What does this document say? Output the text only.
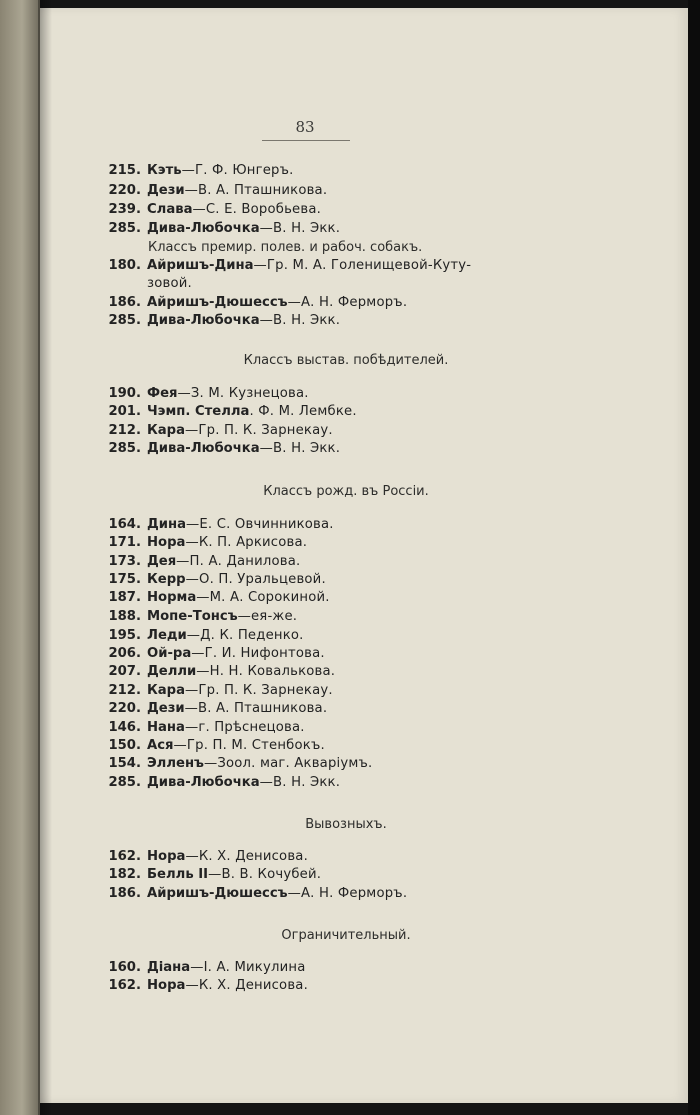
83
215. Кэть—Г. Ф. Юнгеръ.
220. Дези—В. А. Пташникова.
239. Слава—С. Е. Воробьева.
285. Дива-Любочка—В. Н. Экк.
Классъ премир. полев. и рабоч. собакъ.
180. Айришъ-Дина—Гр. М. А. Голенищевой-Куту-
зовой.
186. Айришъ-Дюшессъ—А. Н. Ферморъ.
285. Дива-Любочка—В. Н. Экк.
Классъ выстав. побѣдителей.
190. Фея—З. М. Кузнецова.
201. Чэмп. Стелла. Ф. М. Лембке.
212. Кара—Гр. П. К. Зарнекау.
285. Дива-Любочка—В. Н. Экк.
Классъ рожд. въ Россiи.
164. Дина—Е. С. Овчинникова.
171. Нора—К. П. Аркисова.
173. Дея—П. А. Данилова.
175. Керр—О. П. Уральцевой.
187. Норма—М. А. Сорокиной.
188. Мопе-Тонсъ—ея-же.
195. Леди—Д. К. Педенко.
206. Ой-ра—Г. И. Нифонтова.
207. Делли—Н. Н. Ковалькова.
212. Кара—Гр. П. К. Зарнекау.
220. Дези—В. А. Пташникова.
146. Нана—г. Прѣснецова.
150. Ася—Гр. П. М. Стенбокъ.
154. Элленъ—Зоол. маг. Акварiумъ.
285. Дива-Любочка—В. Н. Экк.
Вывозныхъ.
162. Нора—К. Х. Денисова.
182. Белль II—В. В. Кочубей.
186. Айришъ-Дюшессъ—А. Н. Ферморъ.
Ограничительный.
160. Дiана—I. А. Микулина
162. Нора—К. Х. Денисова.
